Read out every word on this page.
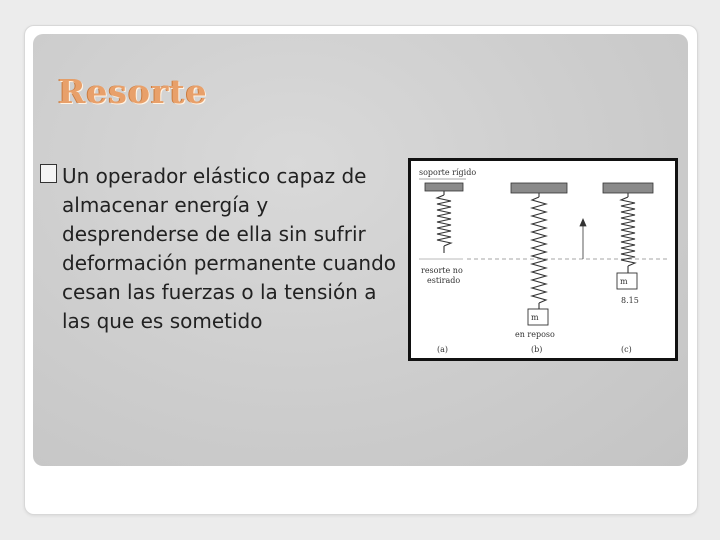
Resorte

Un operador elástico capaz de almacenar energía y desprenderse de ella sin sufrir deformación permanente cuando cesan las fuerzas o la tensión a las que es sometido

soporte rígido
resorte no
estirado
m
en reposo
m
8.15
(a)	(b)	(c)
